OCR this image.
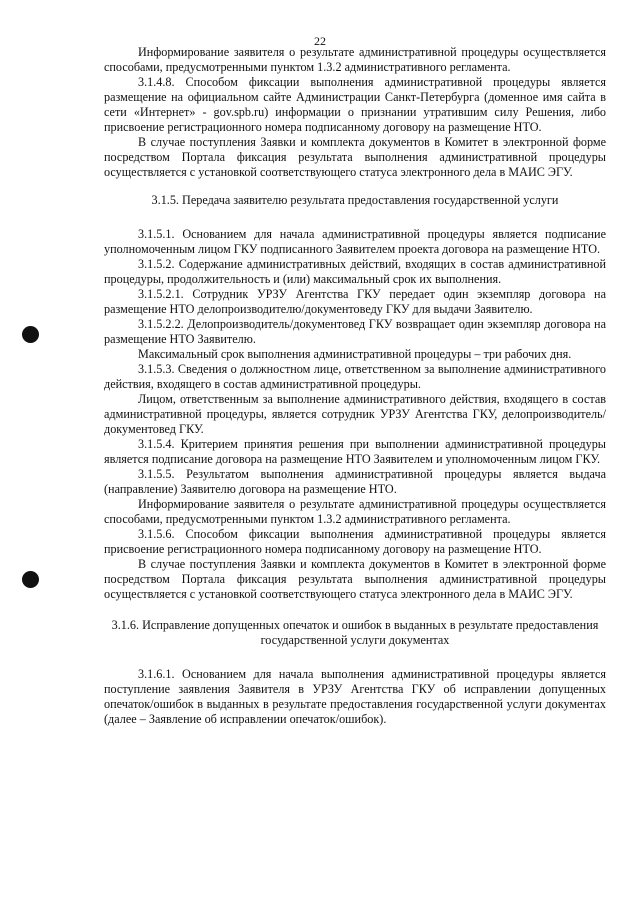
22

Информирование заявителя о результате административной процедуры осуществляется способами, предусмотренными пунктом 1.3.2 административного регламента.

3.1.4.8. Способом фиксации выполнения административной процедуры является размещение на официальном сайте Администрации Санкт-Петербурга (доменное имя сайта в сети «Интернет» - gov.spb.ru) информации о признании утратившим силу Решения, либо присвоение регистрационного номера подписанному договору на размещение НТО.

В случае поступления Заявки и комплекта документов в Комитет в электронной форме посредством Портала фиксация результата выполнения административной процедуры осуществляется с установкой соответствующего статуса электронного дела в МАИС ЭГУ.

3.1.5. Передача заявителю результата предоставления государственной услуги

3.1.5.1. Основанием для начала административной процедуры является подписание уполномоченным лицом ГКУ подписанного Заявителем проекта договора на размещение НТО.

3.1.5.2. Содержание административных действий, входящих в состав административной процедуры, продолжительность и (или) максимальный срок их выполнения.

3.1.5.2.1. Сотрудник УРЗУ Агентства ГКУ передает один экземпляр договора на размещение НТО делопроизводителю/документоведу ГКУ для выдачи Заявителю.

3.1.5.2.2. Делопроизводитель/документовед ГКУ возвращает один экземпляр договора на размещение НТО Заявителю.

Максимальный срок выполнения административной процедуры – три рабочих дня.

3.1.5.3. Сведения о должностном лице, ответственном за выполнение административного действия, входящего в состав административной процедуры.

Лицом, ответственным за выполнение административного действия, входящего в состав административной процедуры, является сотрудник УРЗУ Агентства ГКУ, делопроизводитель/документовед ГКУ.

3.1.5.4. Критерием принятия решения при выполнении административной процедуры является подписание договора на размещение НТО Заявителем и уполномоченным лицом ГКУ.

3.1.5.5. Результатом выполнения административной процедуры является выдача (направление) Заявителю договора на размещение НТО.

Информирование заявителя о результате административной процедуры осуществляется способами, предусмотренными пунктом 1.3.2 административного регламента.

3.1.5.6. Способом фиксации выполнения административной процедуры является присвоение регистрационного номера подписанному договору на размещение НТО.

В случае поступления Заявки и комплекта документов в Комитет в электронной форме посредством Портала фиксация результата выполнения административной процедуры осуществляется с установкой соответствующего статуса электронного дела в МАИС ЭГУ.

3.1.6. Исправление допущенных опечаток и ошибок в выданных в результате предоставления государственной услуги документах

3.1.6.1. Основанием для начала выполнения административной процедуры является поступление заявления Заявителя в УРЗУ Агентства ГКУ об исправлении допущенных опечаток/ошибок в выданных в результате предоставления государственной услуги документах (далее – Заявление об исправлении опечаток/ошибок).
